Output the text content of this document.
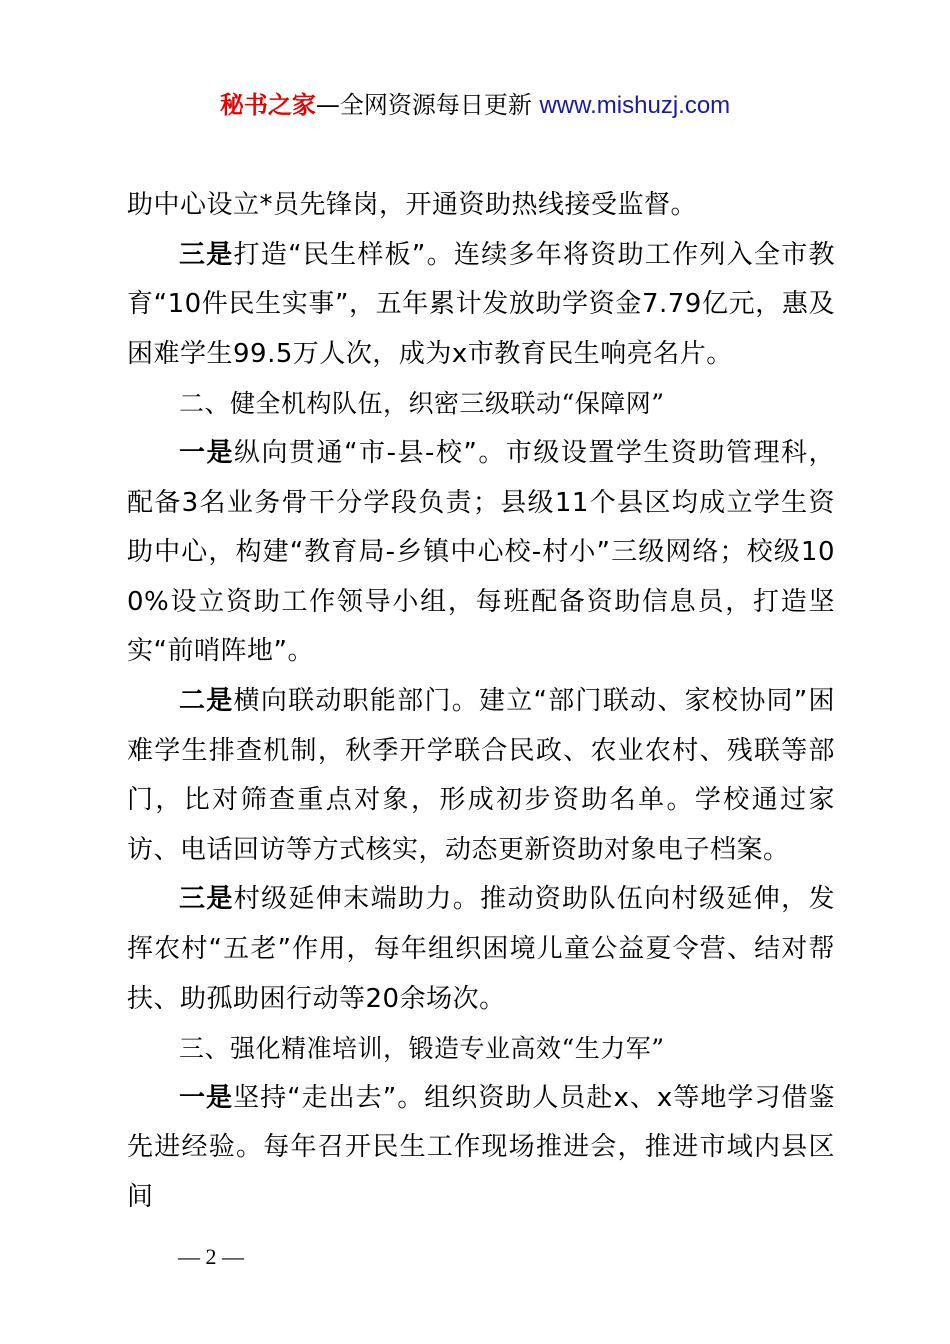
秘书之家—全网资源每日更新 www.mishuzj.com

助中心设立*员先锋岗，开通资助热线接受监督。

三是打造“民生样板”。连续多年将资助工作列入全市教育“10件民生实事”，五年累计发放助学资金7.79亿元，惠及困难学生99.5万人次，成为x市教育民生响亮名片。

二、健全机构队伍，织密三级联动“保障网”

一是纵向贯通“市-县-校”。市级设置学生资助管理科，配备3名业务骨干分学段负责；县级11个县区均成立学生资助中心，构建“教育局-乡镇中心校-村小”三级网络；校级100%设立资助工作领导小组，每班配备资助信息员，打造坚实“前哨阵地”。

二是横向联动职能部门。建立“部门联动、家校协同”困难学生排查机制，秋季开学联合民政、农业农村、残联等部门，比对筛查重点对象，形成初步资助名单。学校通过家访、电话回访等方式核实，动态更新资助对象电子档案。

三是村级延伸末端助力。推动资助队伍向村级延伸，发挥农村“五老”作用，每年组织困境儿童公益夏令营、结对帮扶、助孤助困行动等20余场次。

三、强化精准培训，锻造专业高效“生力军”

一是坚持“走出去”。组织资助人员赴x、x等地学习借鉴先进经验。每年召开民生工作现场推进会，推进市域内县区间

— 2 —
